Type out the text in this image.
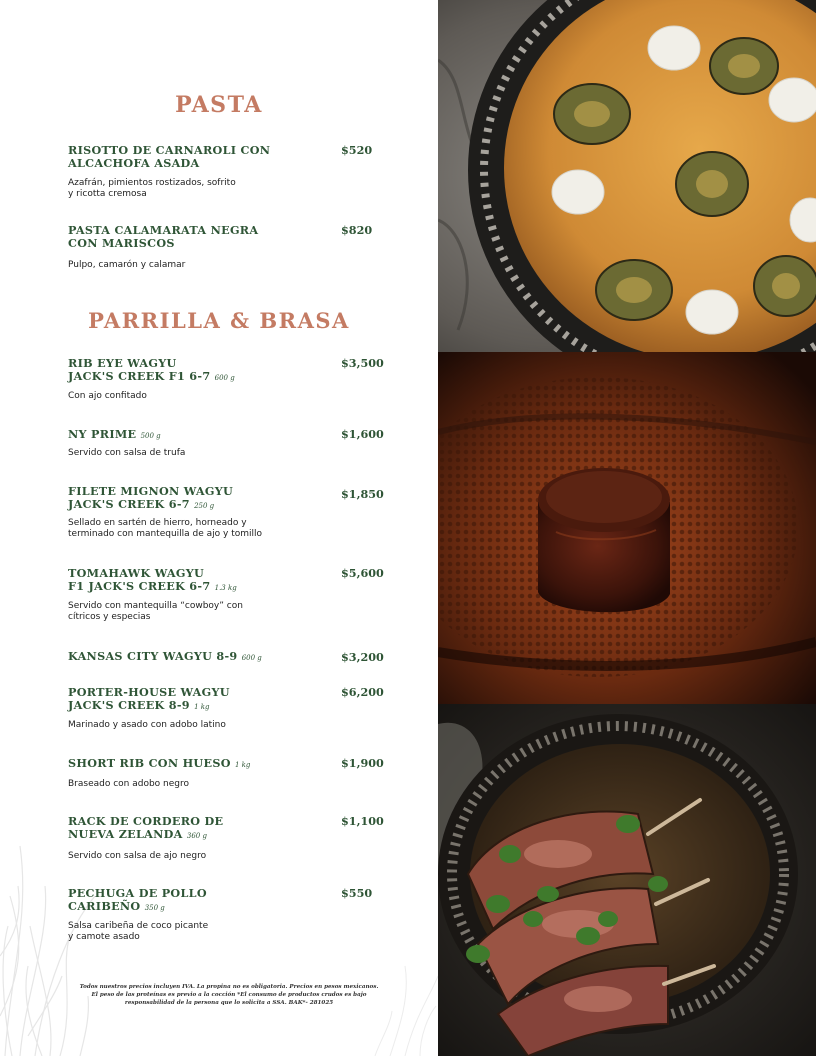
PASTA
RISOTTO DE CARNAROLI CON
ALCACHOFA ASADA
$520
Azafrán, pimientos rostizados, sofrito
y ricotta cremosa
PASTA CALAMARATA NEGRA
CON MARISCOS
$820
Pulpo, camarón y calamar
PARRILLA & BRASA
RIB EYE WAGYU
JACK'S CREEK F1 6-7 600 g
$3,500
Con ajo confitado
NY PRIME 500 g	$1,600
Servido con salsa de trufa
FILETE MIGNON WAGYU
JACK'S CREEK 6-7 250 g
$1,850
Sellado en sartén de hierro, horneado y
terminado con mantequilla de ajo y tomillo
TOMAHAWK WAGYU
F1 JACK'S CREEK 6-7 1.3 kg
$5,600
Servido con mantequilla “cowboy” con
cítricos y especias
KANSAS CITY WAGYU 8-9 600 g	$3,200
PORTER-HOUSE WAGYU
JACK'S CREEK 8-9 1 kg
$6,200
Marinado y asado con adobo latino
SHORT RIB CON HUESO 1 kg	$1,900
Braseado con adobo negro
RACK DE CORDERO DE
NUEVA ZELANDA 360 g
$1,100
Servido con salsa de ajo negro
PECHUGA DE POLLO
CARIBEÑO 350 g
$550
Salsa caribeña de coco picante
y camote asado
Todos nuestros precios incluyen IVA. La propina no es obligatoria. Precios en pesos mexicanos.
El peso de las proteínas es previo a la cocción *El consumo de productos crudos es bajo
responsabilidad de la persona que lo solicita a SSA. BAK*- 281025
